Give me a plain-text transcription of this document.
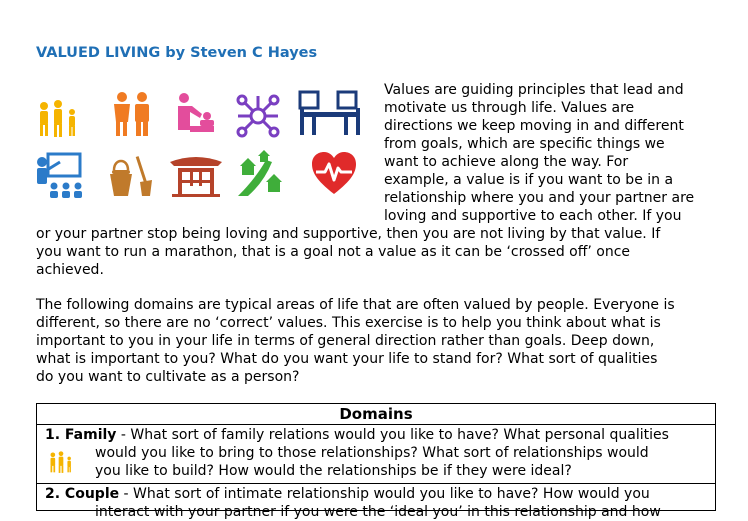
VALUED LIVING by Steven C Hayes
Values are guiding principles that lead and
motivate us through life. Values are
directions we keep moving in and different
from goals, which are specific things we
want to achieve along the way. For
example, a value is if you want to be in a
relationship where you and your partner are
loving and supportive to each other. If you
or your partner stop being loving and supportive, then you are not living by that value. If
you want to run a marathon, that is a goal not a value as it can be ‘crossed off’ once
achieved.
The following domains are typical areas of life that are often valued by people. Everyone is
different, so there are no ‘correct’ values. This exercise is to help you think about what is
important to you in your life in terms of general direction rather than goals. Deep down,
what is important to you? What do you want your life to stand for? What sort of qualities
do you want to cultivate as a person?
Domains
1. Family - What sort of family relations would you like to have? What personal qualities
would you like to bring to those relationships? What sort of relationships would
you like to build? How would the relationships be if they were ideal?
2. Couple - What sort of intimate relationship would you like to have? How would you
interact with your partner if you were the ‘ideal you’ in this relationship and how
